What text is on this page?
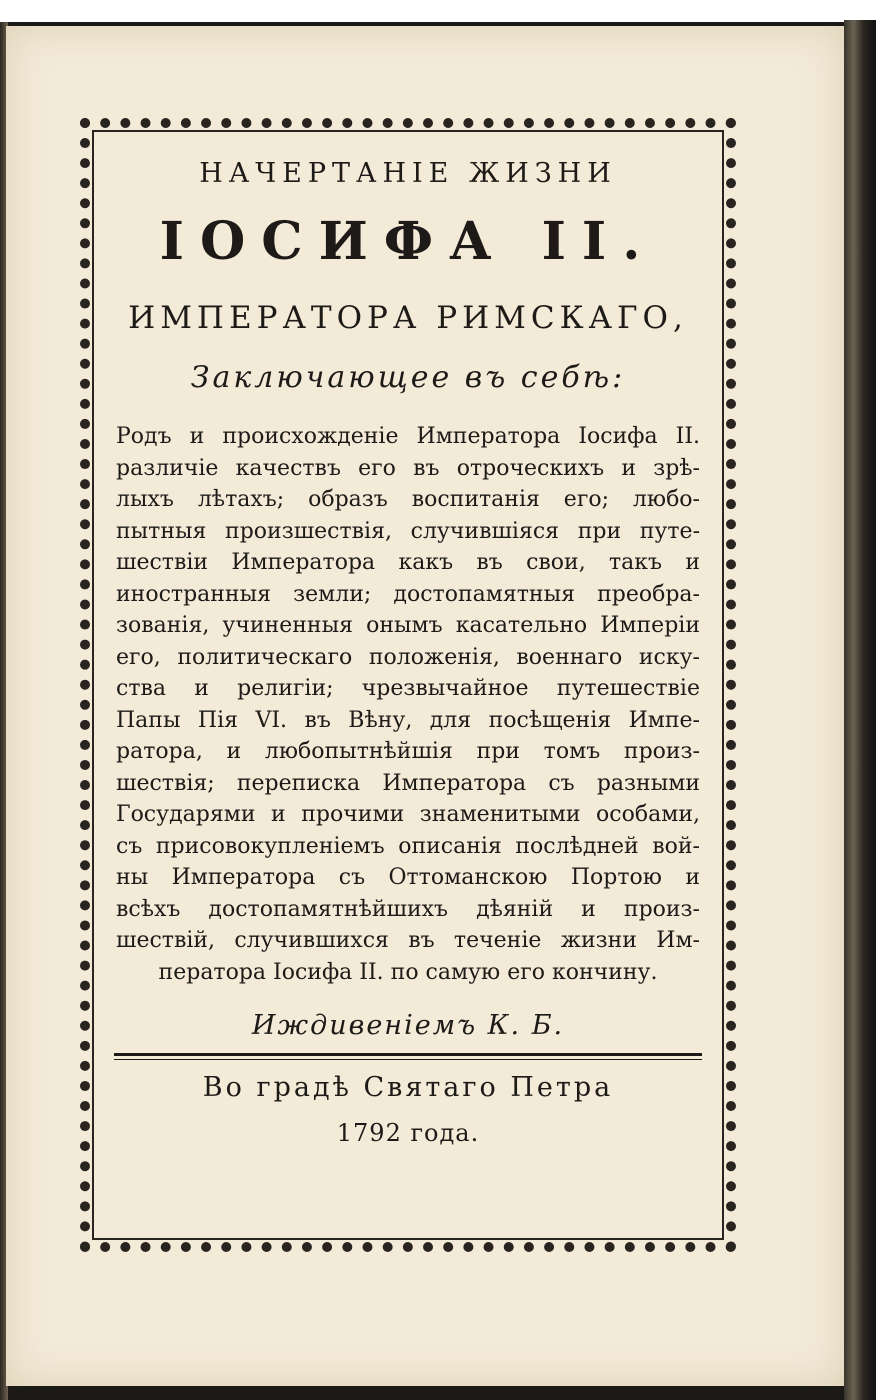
НАЧЕРТАНІЕ ЖИЗНИ
ІОСИФА II.
ИМПЕРАТОРА РИМСКАГО,
Заключающее въ себѣ:
Родъ и происхожденіе Императора Іосифа II.
различіе качествъ его въ отроческихъ и зрѣ-
лыхъ лѣтахъ; образъ воспитанія его; любо-
пытныя произшествія, случившіяся при путе-
шествіи Императора какъ въ свои, такъ и
иностранныя земли; достопамятныя преобра-
зованія, учиненныя онымъ касательно Имперіи
его, политическаго положенія, военнаго иску-
ства и религіи; чрезвычайное путешествіе
Папы Пія VI. въ Вѣну, для посѣщенія Импе-
ратора, и любопытнѣйшія при томъ произ-
шествія; переписка Императора съ разными
Государями и прочими знаменитыми особами,
съ присовокупленіемъ описанія послѣдней вой-
ны Императора съ Оттоманскою Портою и
всѣхъ достопамятнѣйшихъ дѣяній и произ-
шествій, случившихся въ теченіе жизни Им-
ператора Іосифа II. по самую его кончину.
Иждивеніемъ К. Б.
Во градѣ Святаго Петра
1792 года.
